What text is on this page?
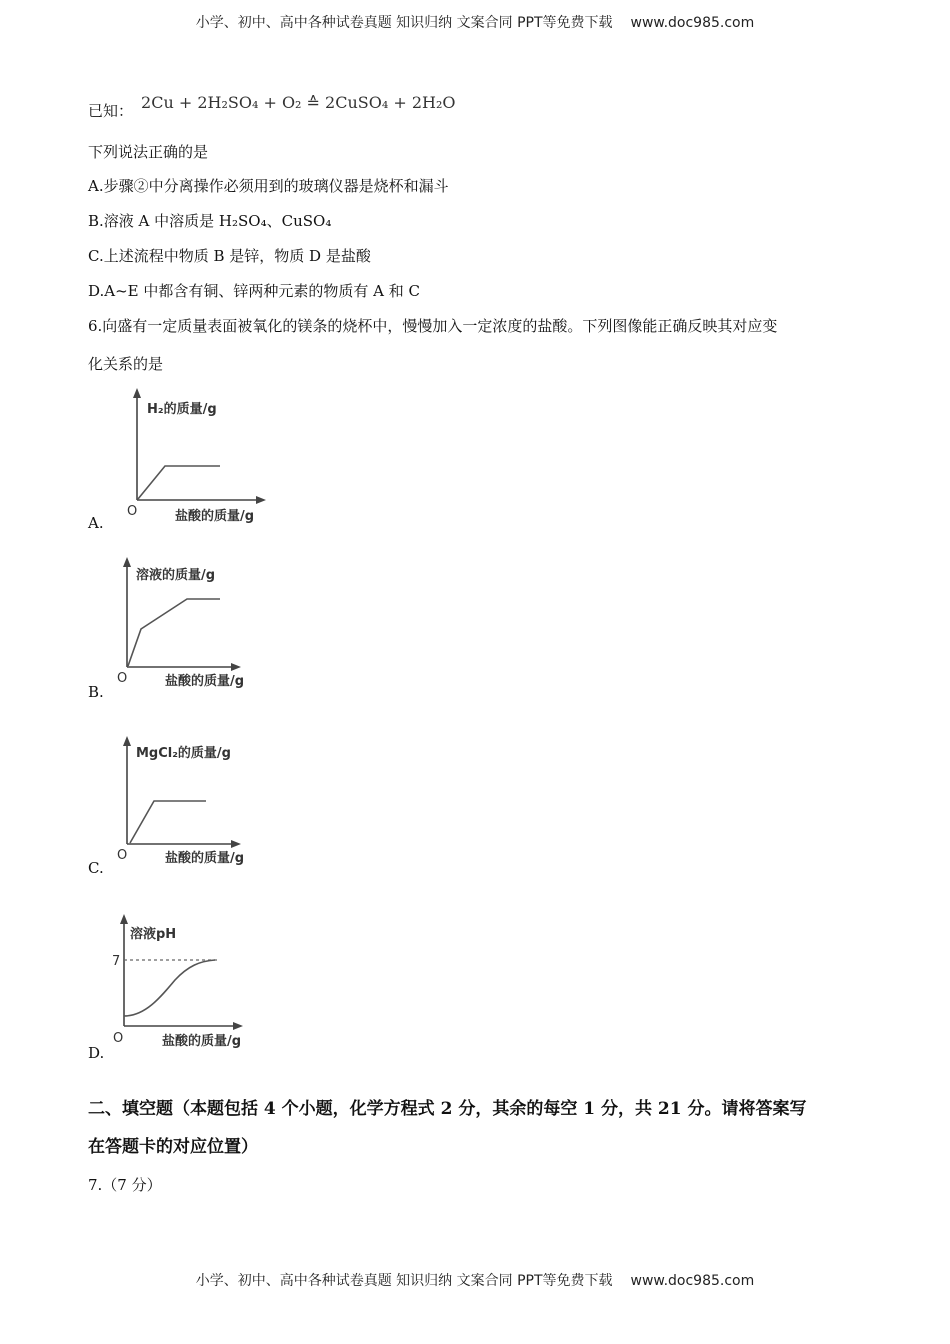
小学、初中、高中各种试卷真题 知识归纳 文案合同 PPT等免费下载 www.doc985.com
已知： 2Cu + 2H₂SO₄ + O₂ ≙ 2CuSO₄ + 2H₂O
下列说法正确的是
A.步骤②中分离操作必须用到的玻璃仪器是烧杯和漏斗
B.溶液 A 中溶质是 H₂SO₄、CuSO₄
C.上述流程中物质 B 是锌，物质 D 是盐酸
D.A~E 中都含有铜、锌两种元素的物质有 A 和 C
6.向盛有一定质量表面被氧化的镁条的烧杯中，慢慢加入一定浓度的盐酸。下列图像能正确反映其对应变
化关系的是
H₂的质量/g
O	盐酸的质量/g
A.
溶液的质量/g
O	盐酸的质量/g
B.
MgCl₂的质量/g
O	盐酸的质量/g
C.
溶液pH
7
O	盐酸的质量/g
D.
二、填空题（本题包括 4 个小题，化学方程式 2 分，其余的每空 1 分，共 21 分。请将答案写
在答题卡的对应位置）
7.（7 分）
小学、初中、高中各种试卷真题 知识归纳 文案合同 PPT等免费下载 www.doc985.com
